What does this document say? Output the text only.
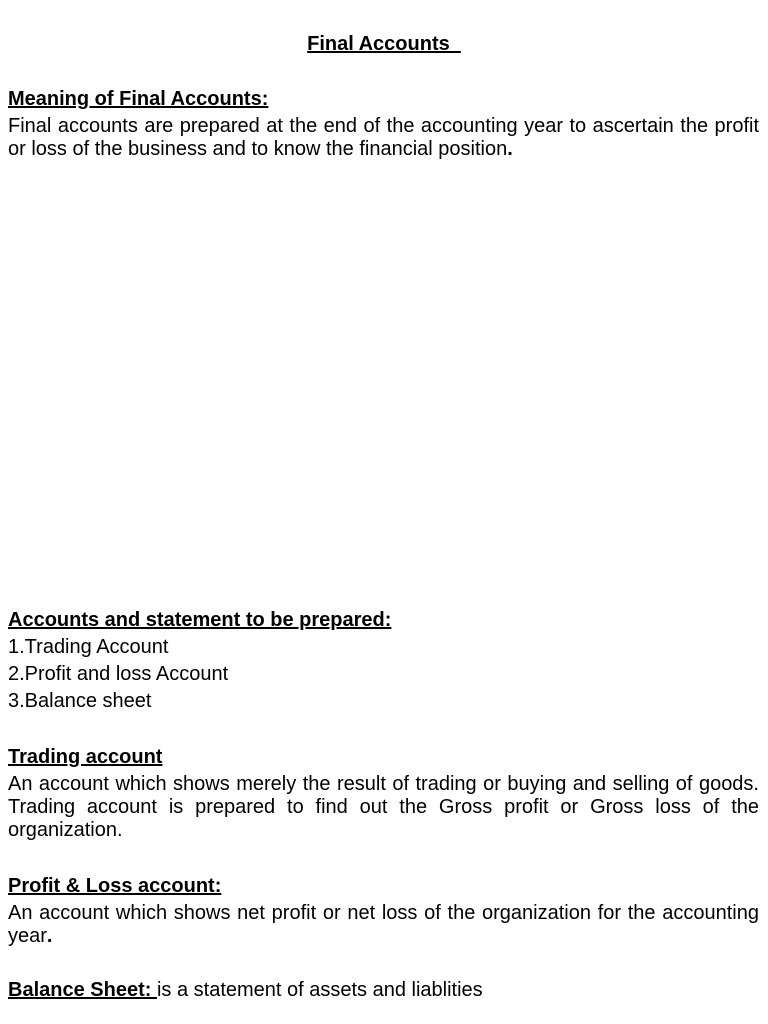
Final Accounts
Meaning of Final Accounts:
Final accounts are prepared at the end of the accounting year to ascertain the profit or loss of the business and to know the financial position.
Accounts and statement to be prepared:
1.Trading Account
2.Profit and loss Account
3.Balance sheet
Trading account
An account which shows merely the result of trading or buying and selling of goods. Trading account is prepared to find out the Gross profit or Gross loss of the organization.
Profit & Loss account:
An account which shows net profit or net loss of the organization for the accounting year.
Balance Sheet: is a statement of assets and liablities
